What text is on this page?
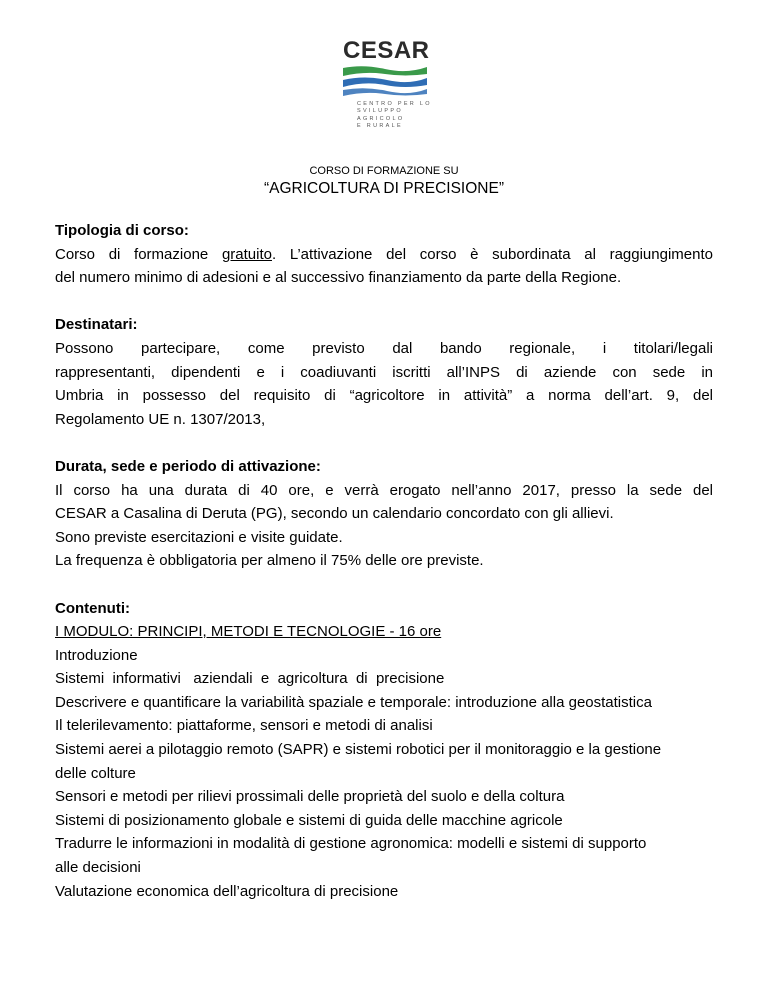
CESAR
CENTRO PER LO
SVILUPPO
AGRICOLO
E RURALE
CORSO DI FORMAZIONE SU
“AGRICOLTURA DI PRECISIONE”
Tipologia di corso:
Corso di formazione gratuito. L’attivazione del corso è subordinata al raggiungimento
del numero minimo di adesioni e al successivo finanziamento da parte della Regione.
Destinatari:
Possono partecipare, come previsto dal bando regionale, i titolari/legali
rappresentanti, dipendenti e i coadiuvanti iscritti all’INPS di aziende con sede in
Umbria in possesso del requisito di “agricoltore in attività” a norma dell’art. 9, del
Regolamento UE n. 1307/2013,
Durata, sede e periodo di attivazione:
Il corso ha una durata di 40 ore, e verrà erogato nell’anno 2017, presso la sede del
CESAR a Casalina di Deruta (PG), secondo un calendario concordato con gli allievi.
Sono previste esercitazioni e visite guidate.
La frequenza è obbligatoria per almeno il 75% delle ore previste.
Contenuti:
I MODULO: PRINCIPI, METODI E TECNOLOGIE - 16 ore
Introduzione
Sistemi  informativi   aziendali  e  agricoltura  di  precisione
Descrivere e quantificare la variabilità spaziale e temporale: introduzione alla geostatistica
Il telerilevamento: piattaforme, sensori e metodi di analisi
Sistemi aerei a pilotaggio remoto (SAPR) e sistemi robotici per il monitoraggio e la gestione delle colture
Sensori e metodi per rilievi prossimali delle proprietà del suolo e della coltura
Sistemi di posizionamento globale e sistemi di guida delle macchine agricole
Tradurre le informazioni in modalità di gestione agronomica: modelli e sistemi di supporto alle decisioni
Valutazione economica dell’agricoltura di precisione
